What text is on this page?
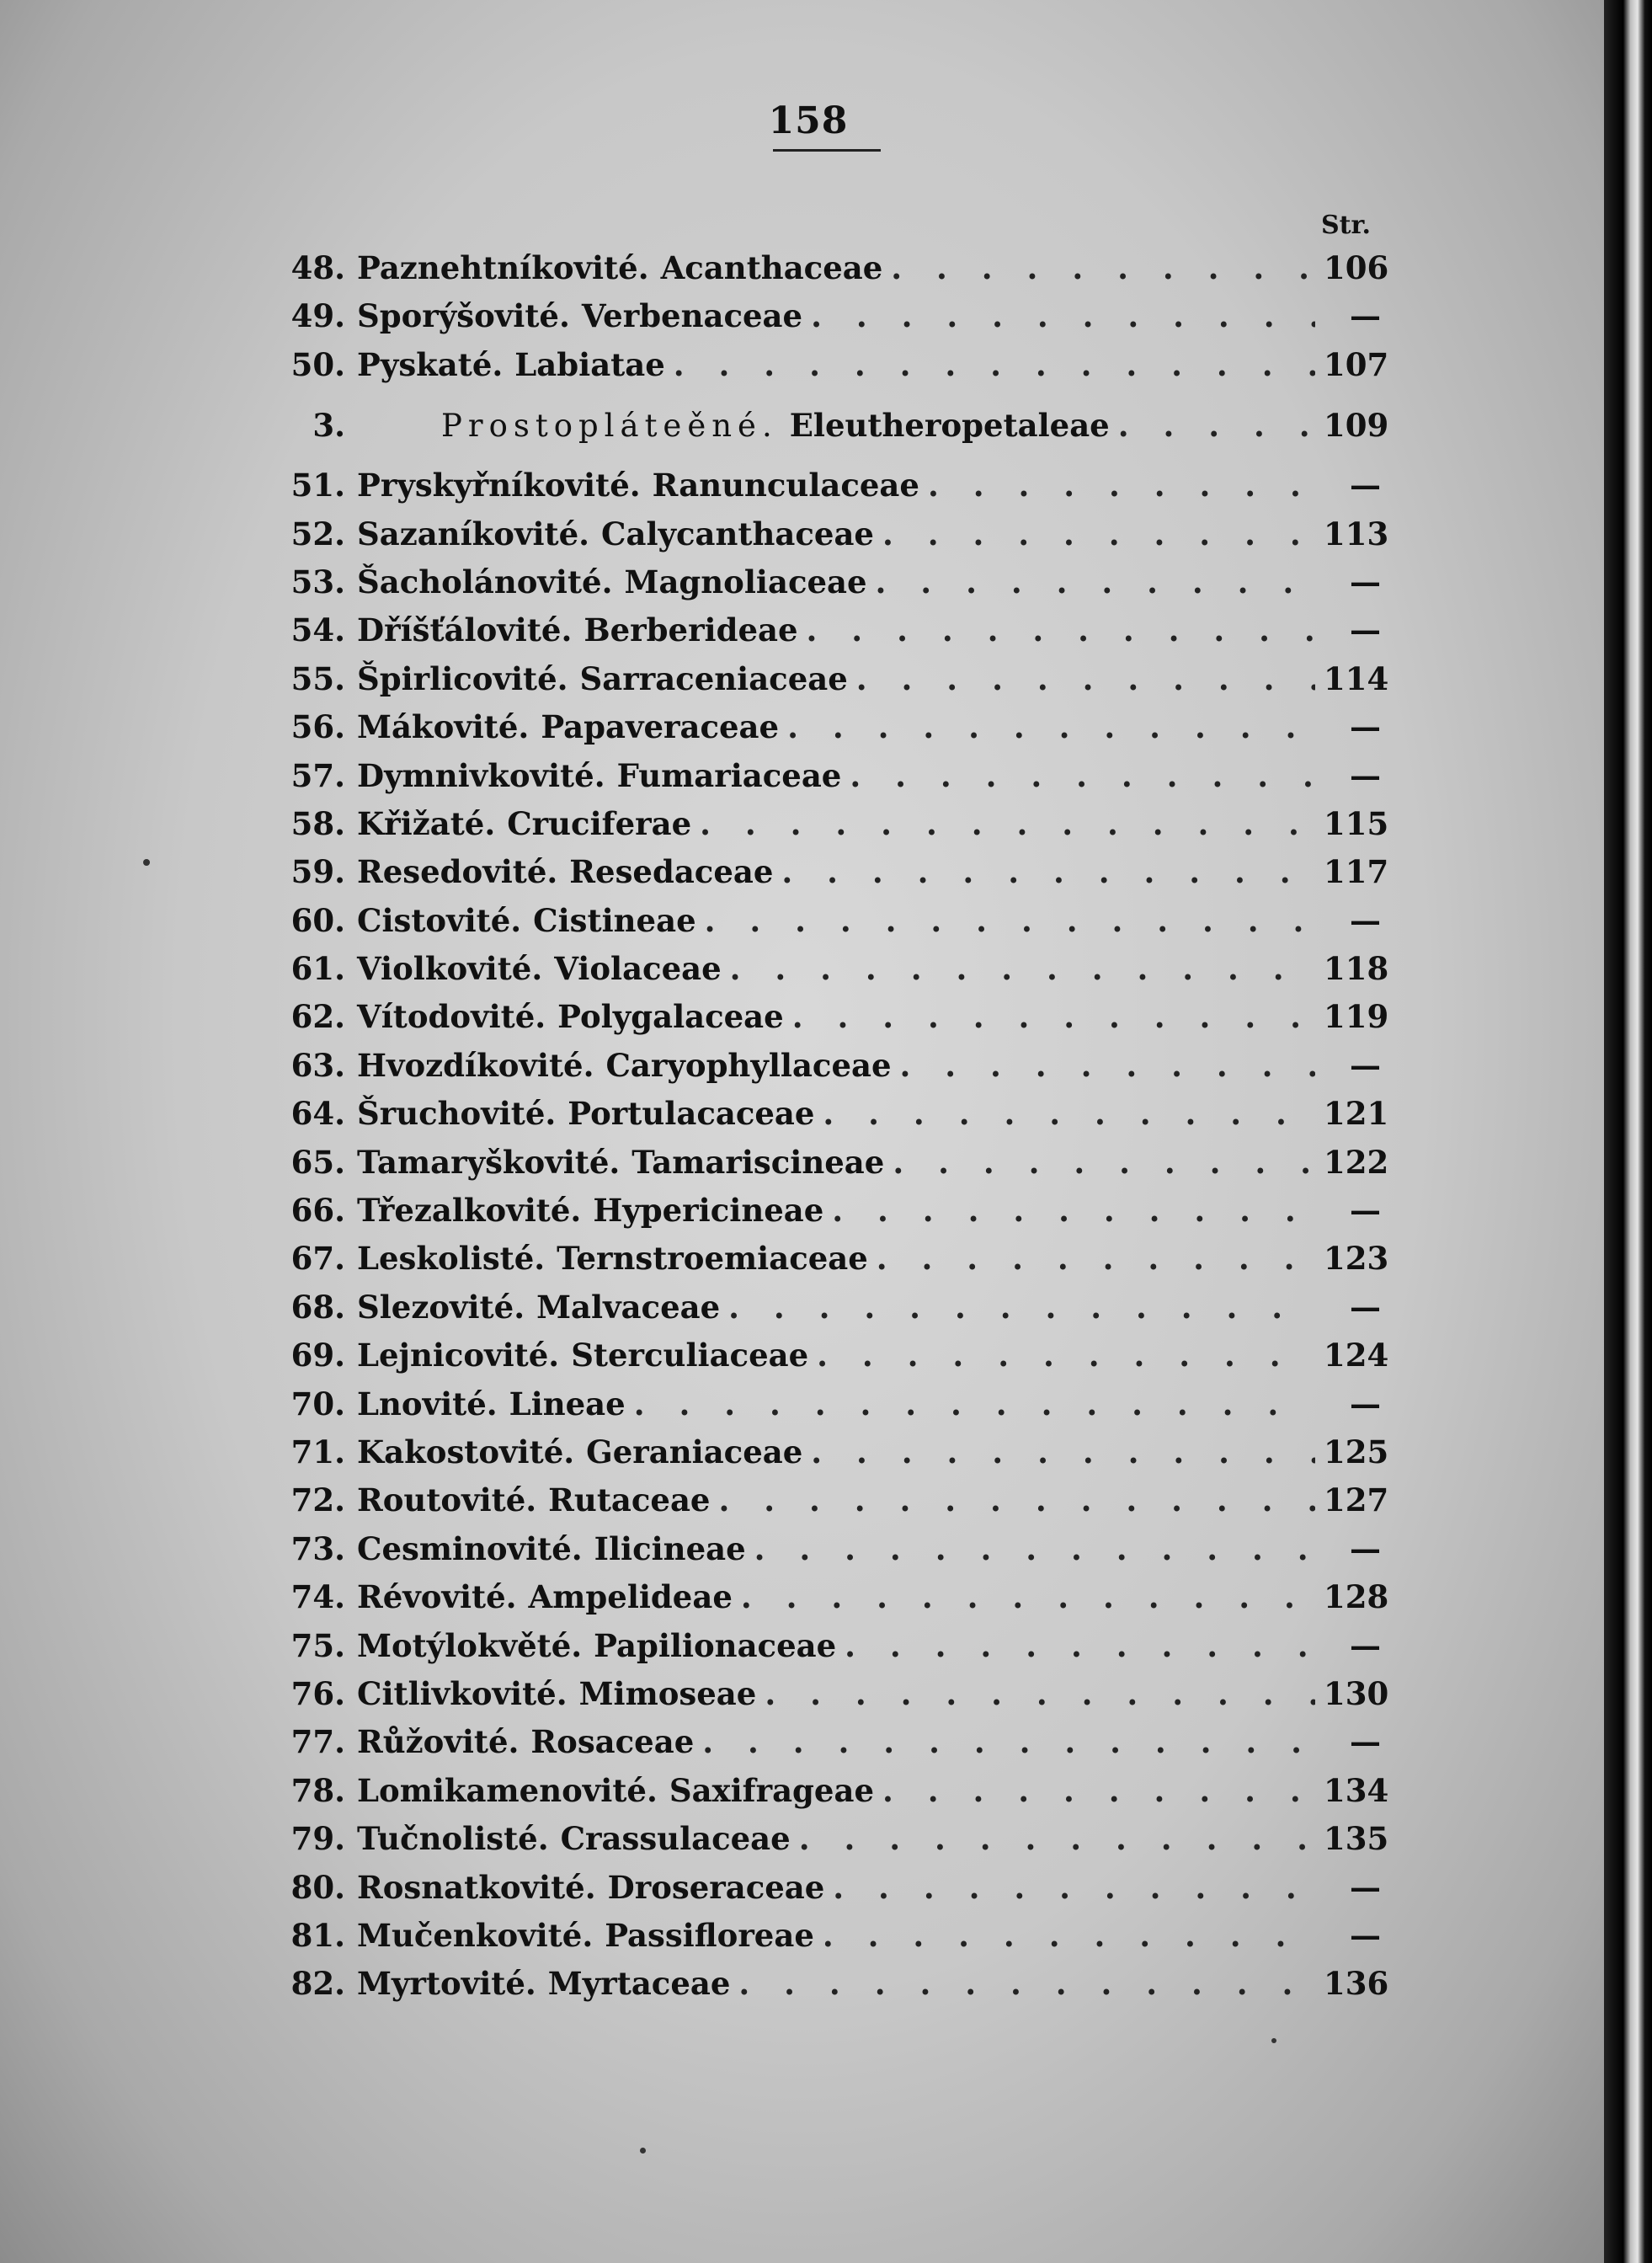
158
Str.
48. Paznehtníkovité. Acanthaceae . . .	106
49. Sporýšovité. Verbenaceae . . .	—
50. Pyskaté. Labiatae . . .	107
3.	Prostopláteěné. Eleutheropetaleae . . .	109
51. Pryskyřníkovité. Ranunculaceae . . .	—
52. Sazaníkovité. Calycanthaceae . . .	113
53. Šacholánovité. Magnoliaceae . . .	—
54. Dříšťálovité. Berberideae . . .	—
55. Špirlicovité. Sarraceniaceae . . .	114
56. Mákovité. Papaveraceae . . .	—
57. Dymnivkovité. Fumariaceae . . .	—
58. Křižaté. Cruciferae . . .	115
59. Resedovité. Resedaceae . . .	117
60. Cistovité. Cistineae . . .	—
61. Violkovité. Violaceae . . .	118
62. Vítodovité. Polygalaceae . . .	119
63. Hvozdíkovité. Caryophyllaceae . . .	—
64. Šruchovité. Portulacaceae . . .	121
65. Tamaryškovité. Tamariscineae . . .	122
66. Třezalkovité. Hypericineae . . .	—
67. Leskolisté. Ternstroemiaceae . . .	123
68. Slezovité. Malvaceae . . .	—
69. Lejnicovité. Sterculiaceae . . .	124
70. Lnovité. Lineae . . .	—
71. Kakostovité. Geraniaceae . . .	125
72. Routovité. Rutaceae . . .	127
73. Cesminovité. Ilicineae . . .	—
74. Révovité. Ampelideae . . .	128
75. Motýlokvěté. Papilionaceae . . .	—
76. Citlivkovité. Mimoseae . . .	130
77. Růžovité. Rosaceae . . .	—
78. Lomikamenovité. Saxifrageae . . .	134
79. Tučnolisté. Crassulaceae . . .	135
80. Rosnatkovité. Droseraceae . . .	—
81. Mučenkovité. Passifloreae . . .	—
82. Myrtovité. Myrtaceae . . .	136
